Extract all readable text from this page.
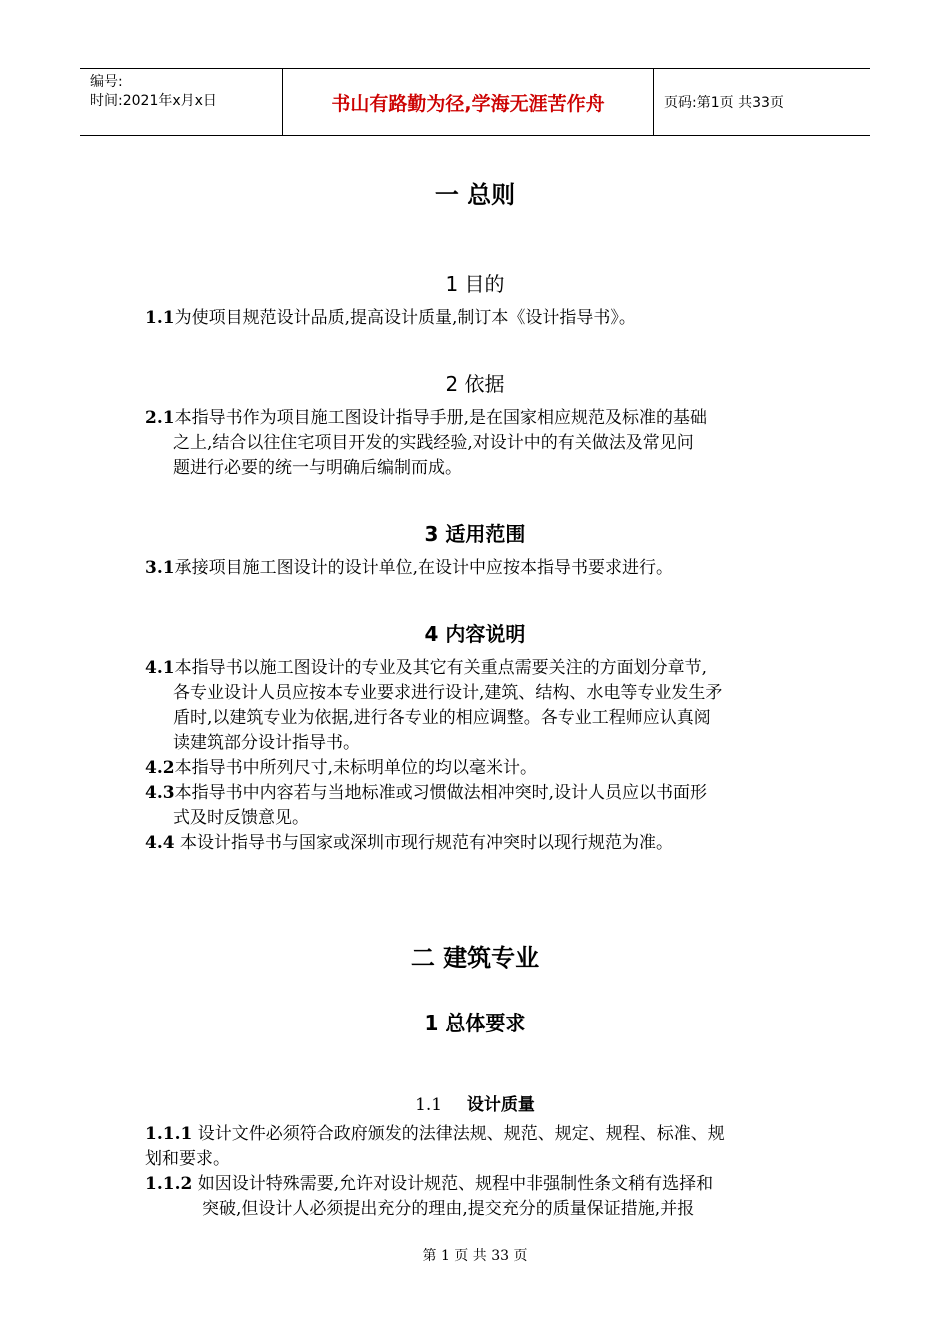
编号:
时间:2021年x月x日	书山有路勤为径,学海无涯苦作舟	页码:第1页 共33页
一 总则
1 目的
1.1为使项目规范设计品质,提高设计质量,制订本《设计指导书》。
2 依据
2.1本指导书作为项目施工图设计指导手册,是在国家相应规范及标准的基础
之上,结合以往住宅项目开发的实践经验,对设计中的有关做法及常见问
题进行必要的统一与明确后编制而成。
3 适用范围
3.1承接项目施工图设计的设计单位,在设计中应按本指导书要求进行。
4 内容说明
4.1本指导书以施工图设计的专业及其它有关重点需要关注的方面划分章节,
各专业设计人员应按本专业要求进行设计,建筑、结构、水电等专业发生矛
盾时,以建筑专业为依据,进行各专业的相应调整。各专业工程师应认真阅
读建筑部分设计指导书。
4.2本指导书中所列尺寸,未标明单位的均以毫米计。
4.3本指导书中内容若与当地标准或习惯做法相冲突时,设计人员应以书面形
式及时反馈意见。
4.4 本设计指导书与国家或深圳市现行规范有冲突时以现行规范为准。
二 建筑专业
1 总体要求
1.1 设计质量
1.1.1 设计文件必须符合政府颁发的法律法规、规范、规定、规程、标准、规
划和要求。
1.1.2 如因设计特殊需要,允许对设计规范、规程中非强制性条文稍有选择和
突破,但设计人必须提出充分的理由,提交充分的质量保证措施,并报
第 1 页 共 33 页
